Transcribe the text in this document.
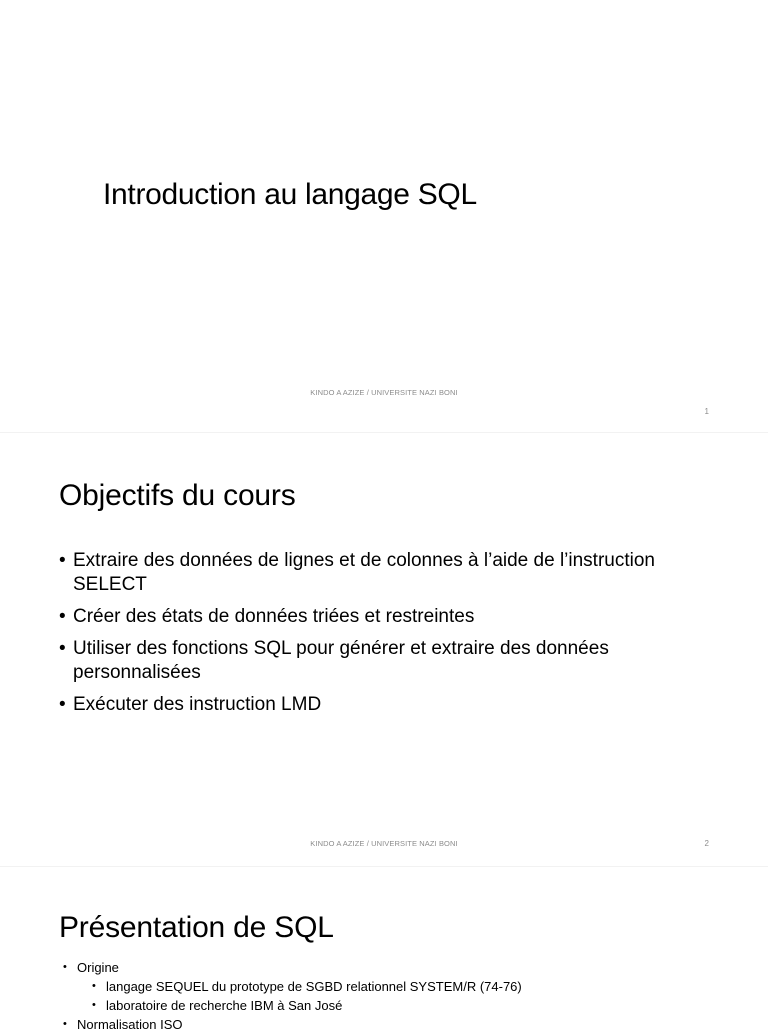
Introduction au langage SQL
KINDO A AZIZE / UNIVERSITE NAZI BONI
1
Objectifs du cours
• Extraire des données de lignes et de colonnes à l’aide de l’instruction SELECT
• Créer des états de données triées et restreintes
• Utiliser des fonctions SQL pour générer et extraire des données personnalisées
• Exécuter des instruction LMD
KINDO A AZIZE / UNIVERSITE NAZI BONI	2
Présentation de SQL
• Origine
• langage SEQUEL du prototype de SGBD relationnel SYSTEM/R (74-76)
• laboratoire de recherche IBM à San José
• Normalisation ISO
